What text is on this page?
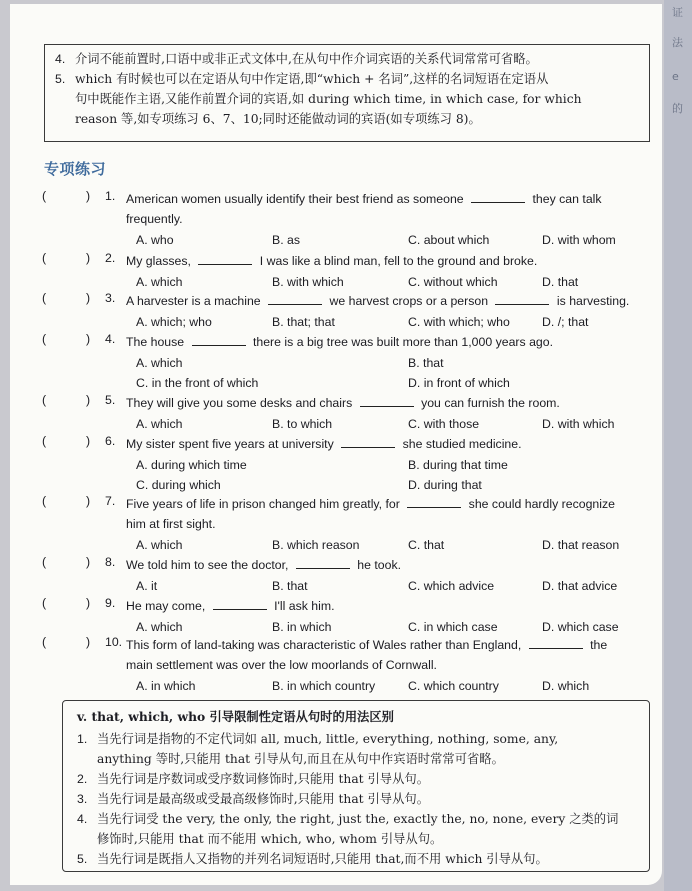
4. 介词不能前置时,口语中或非正式文体中,在从句中作介词宾语的关系代词常常可省略。
5. which 有时候也可以在定语从句中作定语,即“which + 名词”,这样的名词短语在定语从
句中既能作主语,又能作前置介词的宾语,如 during which time, in which case, for which
reason 等,如专项练习 6、7、10;同时还能做动词的宾语(如专项练习 8)。
专项练习
(	) 1. American women usually identify their best friend as someone	they can talk
frequently.
A. who	B. as	C. about which	D. with whom
(	) 2. My glasses,	I was like a blind man, fell to the ground and broke.
A. which	B. with which	C. without which	D. that
(	) 3. A harvester is a machine	we harvest crops or a person	is harvesting.
A. which; who	B. that; that	C. with which; who	D. /; that
(	) 4. The house	there is a big tree was built more than 1,000 years ago.
A. which	B. that
C. in the front of which	D. in front of which
(	) 5. They will give you some desks and chairs	you can furnish the room.
A. which	B. to which	C. with those	D. with which
(	) 6. My sister spent five years at university	she studied medicine.
A. during which time	B. during that time
C. during which	D. during that
(	) 7. Five years of life in prison changed him greatly, for	she could hardly recognize
him at first sight.
A. which	B. which reason	C. that	D. that reason
(	) 8. We told him to see the doctor,	he took.
A. it	B. that	C. which advice	D. that advice
(	) 9. He may come,	I'll ask him.
A. which	B. in which	C. in which case	D. which case
(	) 10. This form of land-taking was characteristic of Wales rather than England,	the
main settlement was over the low moorlands of Cornwall.
A. in which	B. in which country	C. which country	D. which
v. that, which, who 引导限制性定语从句时的用法区别
1. 当先行词是指物的不定代词如 all, much, little, everything, nothing, some, any,
anything 等时,只能用 that 引导从句,而且在从句中作宾语时常常可省略。
2. 当先行词是序数词或受序数词修饰时,只能用 that 引导从句。
3. 当先行词是最高级或受最高级修饰时,只能用 that 引导从句。
4. 当先行词受 the very, the only, the right, just the, exactly the, no, none, every 之类的词
修饰时,只能用 that 而不能用 which, who, whom 引导从句。
5. 当先行词是既指人又指物的并列名词短语时,只能用 that,而不用 which 引导从句。
证
法
e
的
